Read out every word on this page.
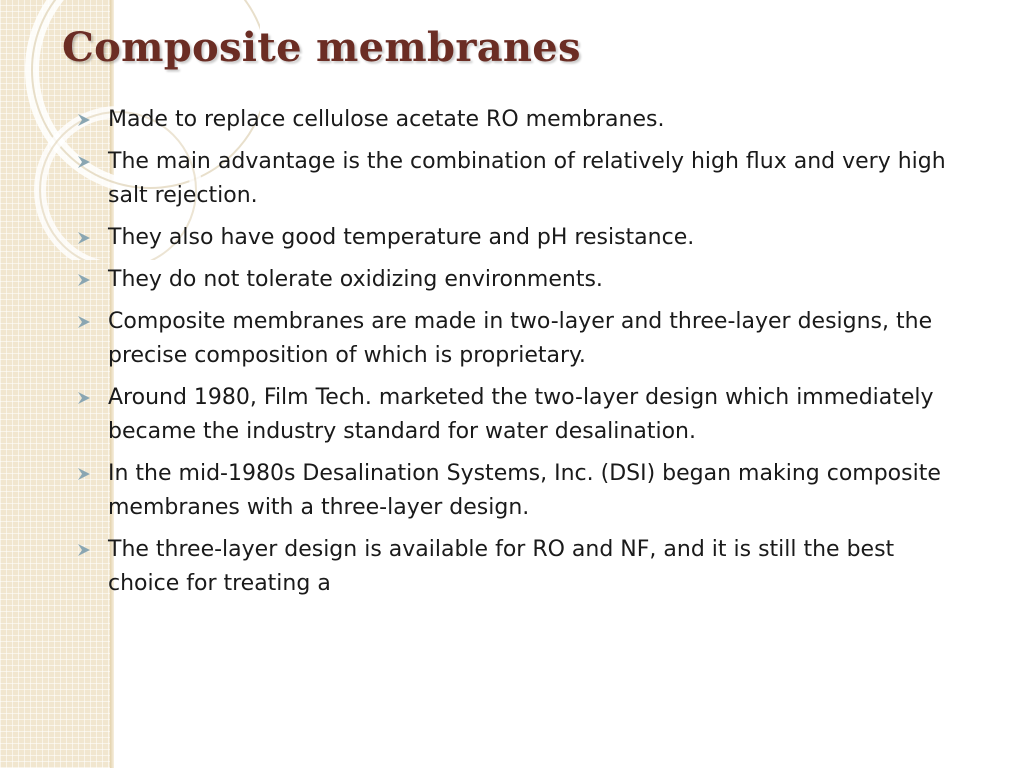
Composite membranes
Made to replace cellulose acetate RO membranes.
The main advantage is the combination of relatively high flux and very high salt rejection.
They also have good temperature and pH resistance.
They do not tolerate oxidizing environments.
Composite membranes are made in two-layer and three-layer designs, the precise composition of which is proprietary.
Around 1980, Film Tech. marketed the two-layer design which immediately became the industry standard for water desalination.
In the mid-1980s Desalination Systems, Inc. (DSI) began making composite membranes with a three-layer design.
The three-layer design is available for RO and NF, and it is still the best choice for treating a
